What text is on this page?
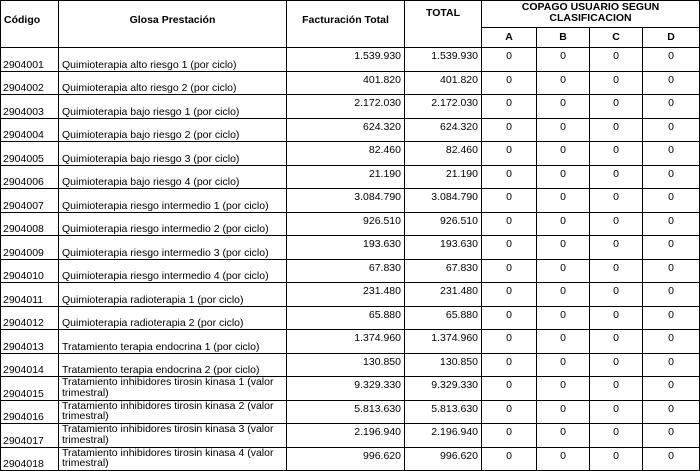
Código	Glosa Prestación	Facturación Total	TOTAL	COPAGO USUARIO SEGUN CLASIFICACION			
				A	B	C	D
2904001	Quimioterapia alto riesgo 1 (por ciclo)	1.539.930	1.539.930	0	0	0	0
2904002	Quimioterapia alto riesgo 2 (por ciclo)	401.820	401.820	0	0	0	0
2904003	Quimioterapia bajo riesgo 1 (por ciclo)	2.172.030	2.172.030	0	0	0	0
2904004	Quimioterapia bajo riesgo 2 (por ciclo)	624.320	624.320	0	0	0	0
2904005	Quimioterapia bajo riesgo 3 (por ciclo)	82.460	82.460	0	0	0	0
2904006	Quimioterapia bajo riesgo 4 (por ciclo)	21.190	21.190	0	0	0	0
2904007	Quimioterapia riesgo intermedio 1 (por ciclo)	3.084.790	3.084.790	0	0	0	0
2904008	Quimioterapia riesgo intermedio 2 (por ciclo)	926.510	926.510	0	0	0	0
2904009	Quimioterapia riesgo intermedio 3 (por ciclo)	193.630	193.630	0	0	0	0
2904010	Quimioterapia riesgo intermedio 4 (por ciclo)	67.830	67.830	0	0	0	0
2904011	Quimioterapia radioterapia 1 (por ciclo)	231.480	231.480	0	0	0	0
2904012	Quimioterapia radioterapia 2 (por ciclo)	65.880	65.880	0	0	0	0
2904013	Tratamiento terapia endocrina 1 (por ciclo)	1.374.960	1.374.960	0	0	0	0
2904014	Tratamiento terapia endocrina 2 (por ciclo)	130.850	130.850	0	0	0	0
2904015	Tratamiento inhibidores tirosin kinasa 1 (valor trimestral)	9.329.330	9.329.330	0	0	0	0
2904016	Tratamiento inhibidores tirosin kinasa 2 (valor trimestral)	5.813.630	5.813.630	0	0	0	0
2904017	Tratamiento inhibidores tirosin kinasa 3 (valor trimestral)	2.196.940	2.196.940	0	0	0	0
2904018	Tratamiento inhibidores tirosin kinasa 4 (valor trimestral)	996.620	996.620	0	0	0	0
